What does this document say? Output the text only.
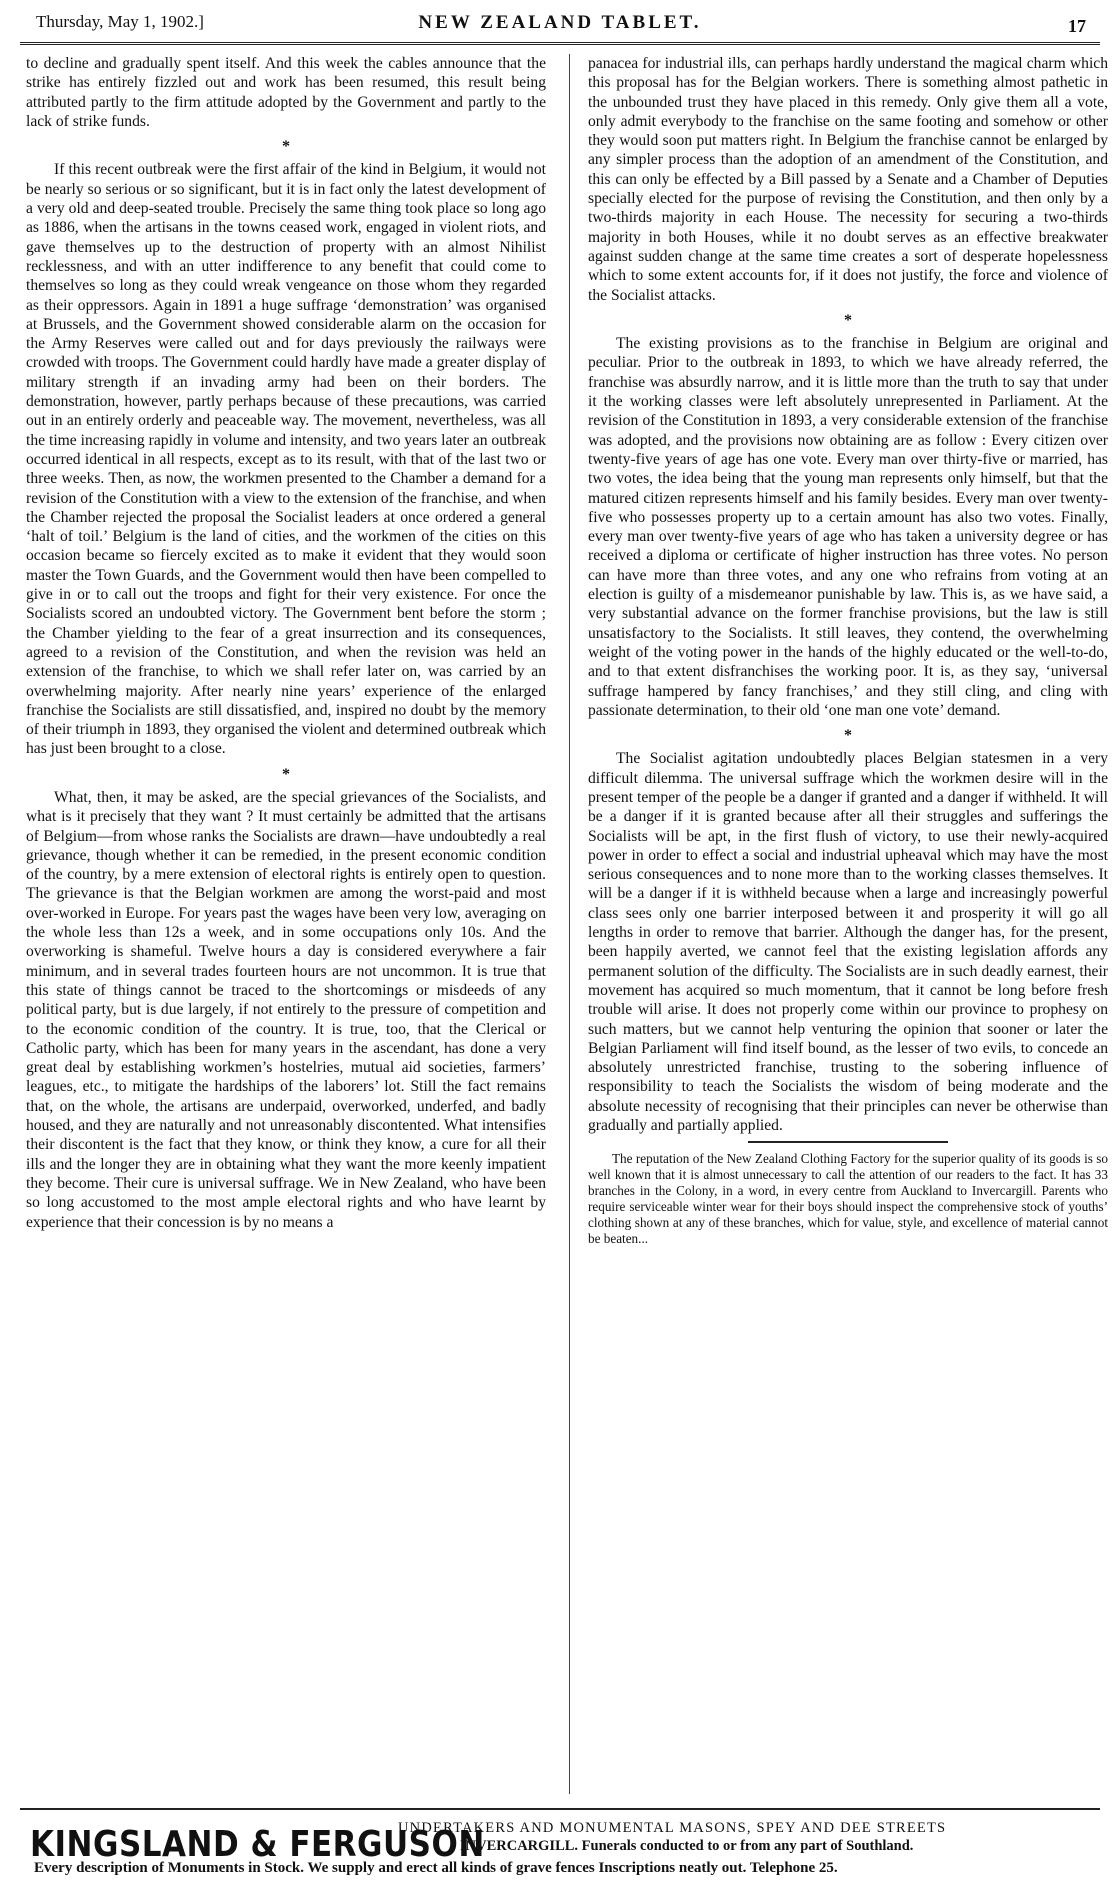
Thursday, May 1, 1902.]	NEW ZEALAND TABLET.	17

to decline and gradually spent itself. And this week the cables announce that the strike has entirely fizzled out and work has been resumed, this result being attributed partly to the firm attitude adopted by the Government and partly to the lack of strike funds.

*

If this recent outbreak were the first affair of the kind in Belgium, it would not be nearly so serious or so significant, but it is in fact only the latest development of a very old and deep-seated trouble. Precisely the same thing took place so long ago as 1886, when the artisans in the towns ceased work, engaged in violent riots, and gave themselves up to the destruction of property with an almost Nihilist recklessness, and with an utter indifference to any benefit that could come to themselves so long as they could wreak vengeance on those whom they regarded as their oppressors. Again in 1891 a huge suffrage ‘demonstration’ was organised at Brussels, and the Government showed considerable alarm on the occasion for the Army Reserves were called out and for days previously the railways were crowded with troops. The Government could hardly have made a greater display of military strength if an invading army had been on their borders. The demonstration, however, partly perhaps because of these precautions, was carried out in an entirely orderly and peaceable way. The movement, nevertheless, was all the time increasing rapidly in volume and intensity, and two years later an outbreak occurred identical in all respects, except as to its result, with that of the last two or three weeks. Then, as now, the workmen presented to the Chamber a demand for a revision of the Constitution with a view to the extension of the franchise, and when the Chamber rejected the proposal the Socialist leaders at once ordered a general ‘halt of toil.’ Belgium is the land of cities, and the workmen of the cities on this occasion became so fiercely excited as to make it evident that they would soon master the Town Guards, and the Government would then have been compelled to give in or to call out the troops and fight for their very existence. For once the Socialists scored an undoubted victory. The Government bent before the storm ; the Chamber yielding to the fear of a great insurrection and its consequences, agreed to a revision of the Constitution, and when the revision was held an extension of the franchise, to which we shall refer later on, was carried by an overwhelming majority. After nearly nine years’ experience of the enlarged franchise the Socialists are still dissatisfied, and, inspired no doubt by the memory of their triumph in 1893, they organised the violent and determined outbreak which has just been brought to a close.

*

What, then, it may be asked, are the special grievances of the Socialists, and what is it precisely that they want ? It must certainly be admitted that the artisans of Belgium—from whose ranks the Socialists are drawn—have undoubtedly a real grievance, though whether it can be remedied, in the present economic condition of the country, by a mere extension of electoral rights is entirely open to question. The grievance is that the Belgian workmen are among the worst-paid and most over-worked in Europe. For years past the wages have been very low, averaging on the whole less than 12s a week, and in some occupations only 10s. And the overworking is shameful. Twelve hours a day is considered everywhere a fair minimum, and in several trades fourteen hours are not uncommon. It is true that this state of things cannot be traced to the shortcomings or misdeeds of any political party, but is due largely, if not entirely to the pressure of competition and to the economic condition of the country. It is true, too, that the Clerical or Catholic party, which has been for many years in the ascendant, has done a very great deal by establishing workmen’s hostelries, mutual aid societies, farmers’ leagues, etc., to mitigate the hardships of the laborers’ lot. Still the fact remains that, on the whole, the artisans are underpaid, overworked, underfed, and badly housed, and they are naturally and not unreasonably discontented. What intensifies their discontent is the fact that they know, or think they know, a cure for all their ills and the longer they are in obtaining what they want the more keenly impatient they become. Their cure is universal suffrage. We in New Zealand, who have been so long accustomed to the most ample electoral rights and who have learnt by experience that their concession is by no means a

panacea for industrial ills, can perhaps hardly understand the magical charm which this proposal has for the Belgian workers. There is something almost pathetic in the unbounded trust they have placed in this remedy. Only give them all a vote, only admit everybody to the franchise on the same footing and somehow or other they would soon put matters right. In Belgium the franchise cannot be enlarged by any simpler process than the adoption of an amendment of the Constitution, and this can only be effected by a Bill passed by a Senate and a Chamber of Deputies specially elected for the purpose of revising the Constitution, and then only by a two-thirds majority in each House. The necessity for securing a two-thirds majority in both Houses, while it no doubt serves as an effective breakwater against sudden change at the same time creates a sort of desperate hopelessness which to some extent accounts for, if it does not justify, the force and violence of the Socialist attacks.

*

The existing provisions as to the franchise in Belgium are original and peculiar. Prior to the outbreak in 1893, to which we have already referred, the franchise was absurdly narrow, and it is little more than the truth to say that under it the working classes were left absolutely unrepresented in Parliament. At the revision of the Constitution in 1893, a very considerable extension of the franchise was adopted, and the provisions now obtaining are as follow : Every citizen over twenty-five years of age has one vote. Every man over thirty-five or married, has two votes, the idea being that the young man represents only himself, but that the matured citizen represents himself and his family besides. Every man over twenty-five who possesses property up to a certain amount has also two votes. Finally, every man over twenty-five years of age who has taken a university degree or has received a diploma or certificate of higher instruction has three votes. No person can have more than three votes, and any one who refrains from voting at an election is guilty of a misdemeanor punishable by law. This is, as we have said, a very substantial advance on the former franchise provisions, but the law is still unsatisfactory to the Socialists. It still leaves, they contend, the overwhelming weight of the voting power in the hands of the highly educated or the well-to-do, and to that extent disfranchises the working poor. It is, as they say, ‘universal suffrage hampered by fancy franchises,’ and they still cling, and cling with passionate determination, to their old ‘one man one vote’ demand.

*

The Socialist agitation undoubtedly places Belgian statesmen in a very difficult dilemma. The universal suffrage which the workmen desire will in the present temper of the people be a danger if granted and a danger if withheld. It will be a danger if it is granted because after all their struggles and sufferings the Socialists will be apt, in the first flush of victory, to use their newly-acquired power in order to effect a social and industrial upheaval which may have the most serious consequences and to none more than to the working classes themselves. It will be a danger if it is withheld because when a large and increasingly powerful class sees only one barrier interposed between it and prosperity it will go all lengths in order to remove that barrier. Although the danger has, for the present, been happily averted, we cannot feel that the existing legislation affords any permanent solution of the difficulty. The Socialists are in such deadly earnest, their movement has acquired so much momentum, that it cannot be long before fresh trouble will arise. It does not properly come within our province to prophesy on such matters, but we cannot help venturing the opinion that sooner or later the Belgian Parliament will find itself bound, as the lesser of two evils, to concede an absolutely unrestricted franchise, trusting to the sobering influence of responsibility to teach the Socialists the wisdom of being moderate and the absolute necessity of recognising that their principles can never be otherwise than gradually and partially applied.

The reputation of the New Zealand Clothing Factory for the superior quality of its goods is so well known that it is almost unnecessary to call the attention of our readers to the fact. It has 33 branches in the Colony, in a word, in every centre from Auckland to Invercargill. Parents who require serviceable winter wear for their boys should inspect the comprehensive stock of youths’ clothing shown at any of these branches, which for value, style, and excellence of material cannot be beaten...

KINGSLAND & FERGUSON
UNDERTAKERS AND MONUMENTAL MASONS, SPEY AND DEE STREETS
INVERCARGILL. Funerals conducted to or from any part of Southland.
Every description of Monuments in Stock. We supply and erect all kinds of grave fences Inscriptions neatly out. Telephone 25.
